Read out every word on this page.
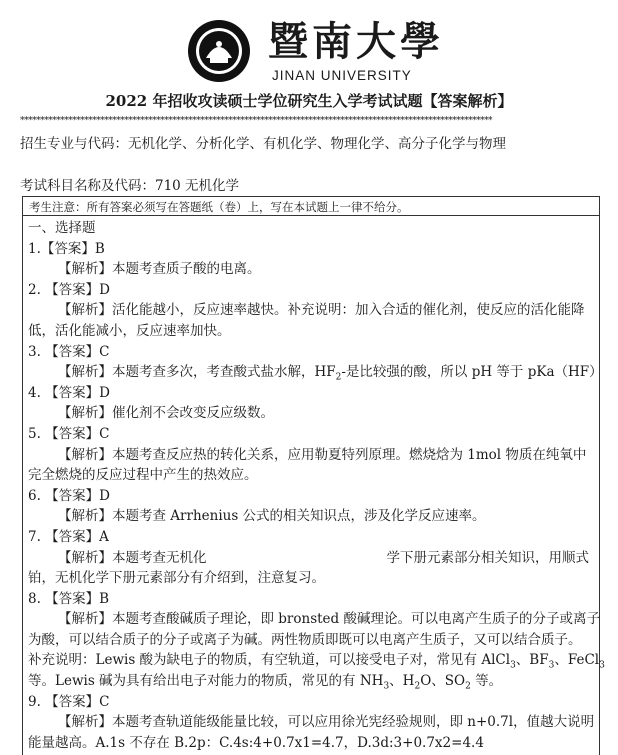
暨南大學
JINAN UNIVERSITY
2022 年招收攻读硕士学位研究生入学考试试题【答案解析】
**********************************************************************************************************************
招生专业与代码：无机化学、分析化学、有机化学、物理化学、高分子化学与物理
考试科目名称及代码：710 无机化学
考生注意：所有答案必须写在答题纸（卷）上，写在本试题上一律不给分。
一、选择题
1.【答案】B
【解析】本题考查质子酸的电离。
2. 【答案】D
【解析】活化能越小，反应速率越快。补充说明：加入合适的催化剂，使反应的活化能降
低，活化能减小，反应速率加快。
3. 【答案】C
【解析】本题考查多次，考查酸式盐水解，$HF_2-$是比较强的酸，所以 pH 等于 pKa（HF）
4. 【答案】D
【解析】催化剂不会改变反应级数。
5. 【答案】C
【解析】本题考查反应热的转化关系，应用勒夏特列原理。燃烧焓为 1mol 物质在纯氧中
完全燃烧的反应过程中产生的热效应。
6. 【答案】D
【解析】本题考查 Arrhenius 公式的相关知识点，涉及化学反应速率。
7. 【答案】A
【解析】本题考查无机化	学下册元素部分相关知识，用顺式
铂，无机化学下册元素部分有介绍到，注意复习。
8. 【答案】B
【解析】本题考查酸碱质子理论，即 bronsted 酸碱理论。可以电离产生质子的分子或离子
为酸，可以结合质子的分子或离子为碱。两性物质即既可以电离产生质子，又可以结合质子。
补充说明：Lewis 酸为缺电子的物质，有空轨道，可以接受电子对，常见有 AlCl$_3$、$BF_3$、FeCl$_3$
等。Lewis 碱为具有给出电子对能力的物质，常见的有 $NH_3$、$H_2O$、$SO_2$ 等。
9. 【答案】C
【解析】本题考查轨道能级能量比较，可以应用徐光宪经验规则，即 n+0.7l，值越大说明
能量越高。A.1s 不存在 B.2p：C.4s:4+0.7x1=4.7，D.3d:3+0.7x2=4.4
